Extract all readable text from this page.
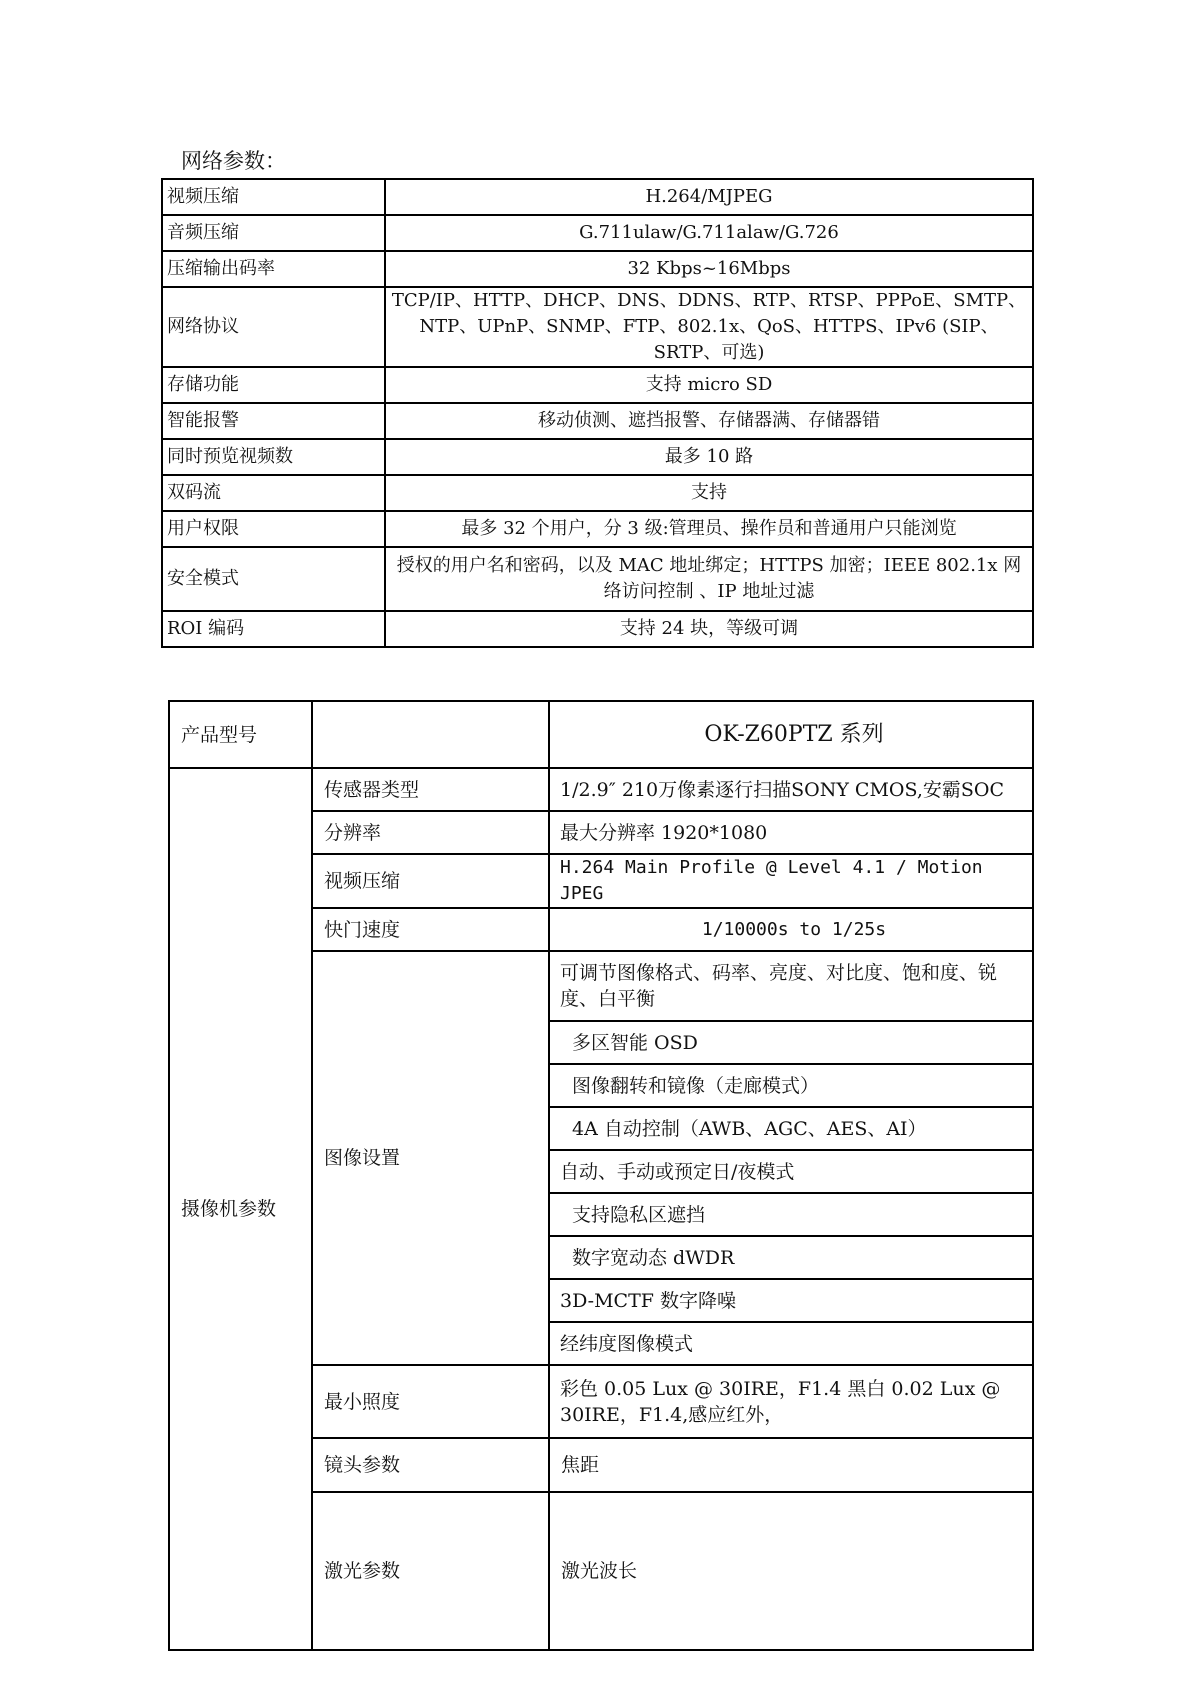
网络参数：
视频压缩	H.264/MJPEG
音频压缩	G.711ulaw/G.711alaw/G.726
压缩输出码率	32 Kbps~16Mbps
网络协议	TCP/IP、HTTP、DHCP、DNS、DDNS、RTP、RTSP、PPPoE、SMTP、NTP、UPnP、SNMP、FTP、802.1x、QoS、HTTPS、IPv6 (SIP、SRTP、可选)
存储功能	支持 micro SD
智能报警	移动侦测、遮挡报警、存储器满、存储器错
同时预览视频数	最多 10 路
双码流	支持
用户权限	最多 32 个用户，分 3 级:管理员、操作员和普通用户只能浏览
安全模式	授权的用户名和密码，以及 MAC 地址绑定；HTTPS 加密；IEEE 802.1x 网络访问控制 、IP 地址过滤
ROI 编码	支持 24 块，等级可调
产品型号		OK-Z60PTZ 系列	
摄像机参数	传感器类型	1/2.9″ 210万像素逐行扫描SONY CMOS,安霸SOC	
	分辨率	最大分辨率 1920*1080	
	视频压缩	H.264 Main Profile @ Level 4.1 / Motion JPEG	
	快门速度	1/10000s to 1/25s	
	图像设置	可调节图像格式、码率、亮度、对比度、饱和度、锐度、白平衡	
		多区智能 OSD	
		图像翻转和镜像（走廊模式）	
		4A 自动控制（AWB、AGC、AES、AI）	
		自动、手动或预定日/夜模式	
		支持隐私区遮挡	
		数字宽动态 dWDR	
		3D-MCTF 数字降噪	
		经纬度图像模式	
	最小照度	彩色 0.05 Lux @ 30IRE，F1.4 黑白 0.02 Lux @ 30IRE，F1.4,感应红外，	
	镜头参数	焦距	
	激光参数	激光波长	
